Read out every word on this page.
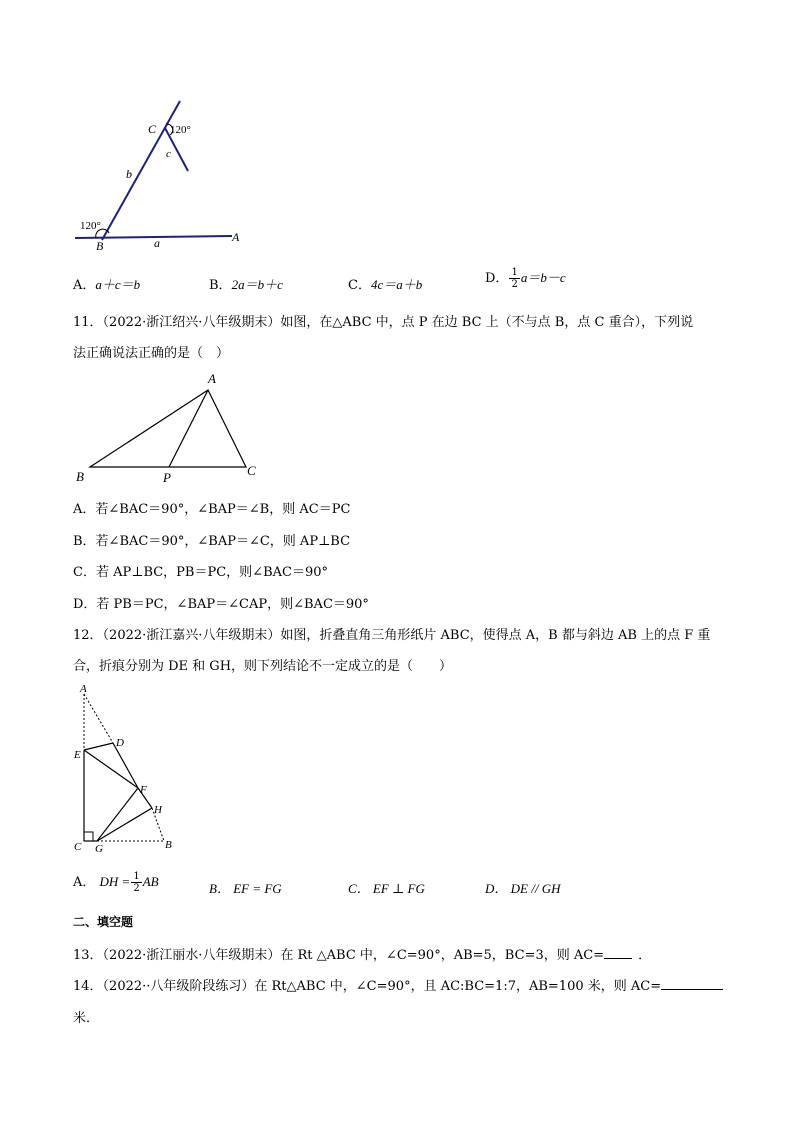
C 120°
c
b
120°
B	a	A
A．a＋c＝b	B．2a＝b＋c	C．4c＝a＋b	D． $\frac{1}{2} a=b-c$
11．（2022·浙江绍兴·八年级期末）如图，在△ABC 中，点 P 在边 BC 上（不与点 B，点 C 重合），下列说
法正确说法正确的是（　）
A
B	P	C
A．若∠BAC＝90°，∠BAP＝∠B，则 AC＝PC
B．若∠BAC＝90°，∠BAP＝∠C，则 AP⊥BC
C．若 AP⊥BC，PB＝PC，则∠BAC＝90°
D．若 PB＝PC，∠BAP＝∠CAP，则∠BAC＝90°
12．（2022·浙江嘉兴·八年级期末）如图，折叠直角三角形纸片 ABC，使得点 A，B 都与斜边 AB 上的点 F 重
合，折痕分别为 DE 和 GH，则下列结论不一定成立的是（　　）
A
D
E
F
H
C G	B
A． DH = $\frac{1}{2}$ AB	B． EF = FG	C． EF ⊥ FG	D． DE // GH
二、填空题
13．（2022·浙江丽水·八年级期末）在 Rt △ABC 中，∠C=90°，AB=5，BC=3，则 AC=	．
14．（2022··八年级阶段练习）在 Rt△ABC 中，∠C=90°，且 AC:BC=1:7，AB=100 米，则 AC=
米．
